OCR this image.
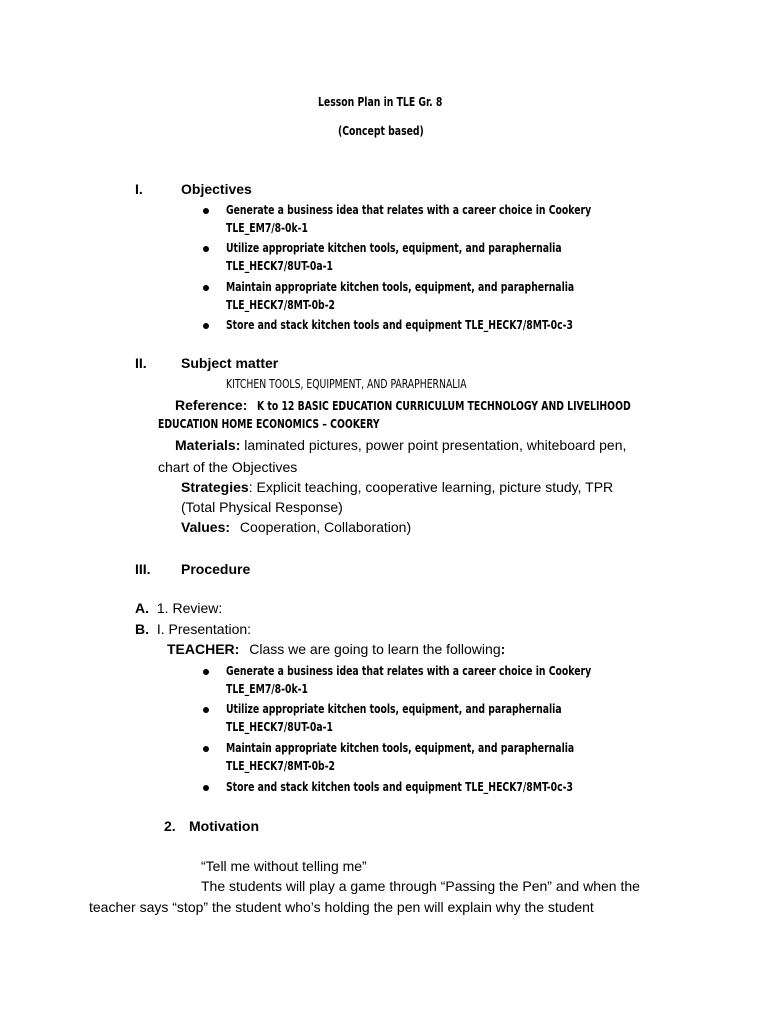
Lesson Plan in TLE Gr. 8
(Concept based)
I.	Objectives
Generate a business idea that relates with a career choice in Cookery
TLE_EM7/8-0k-1
Utilize appropriate kitchen tools, equipment, and paraphernalia
TLE_HECK7/8UT-0a-1
Maintain appropriate kitchen tools, equipment, and paraphernalia
TLE_HECK7/8MT-0b-2
Store and stack kitchen tools and equipment TLE_HECK7/8MT-0c-3
II. Subject matter
KITCHEN TOOLS, EQUIPMENT, AND PARAPHERNALIA
Reference: K to 12 BASIC EDUCATION CURRICULUM TECHNOLOGY AND LIVELIHOOD
EDUCATION HOME ECONOMICS – COOKERY
Materials: laminated pictures, power point presentation, whiteboard pen,
chart of the Objectives
Strategies: Explicit teaching, cooperative learning, picture study, TPR
(Total Physical Response)
Values: Cooperation, Collaboration)
III. Procedure
A. 1. Review:
B. I. Presentation:
TEACHER: Class we are going to learn the following:
Generate a business idea that relates with a career choice in Cookery
TLE_EM7/8-0k-1
Utilize appropriate kitchen tools, equipment, and paraphernalia
TLE_HECK7/8UT-0a-1
Maintain appropriate kitchen tools, equipment, and paraphernalia
TLE_HECK7/8MT-0b-2
Store and stack kitchen tools and equipment TLE_HECK7/8MT-0c-3
2. Motivation
“Tell me without telling me”
The students will play a game through “Passing the Pen” and when the
teacher says “stop” the student who’s holding the pen will explain why the student
